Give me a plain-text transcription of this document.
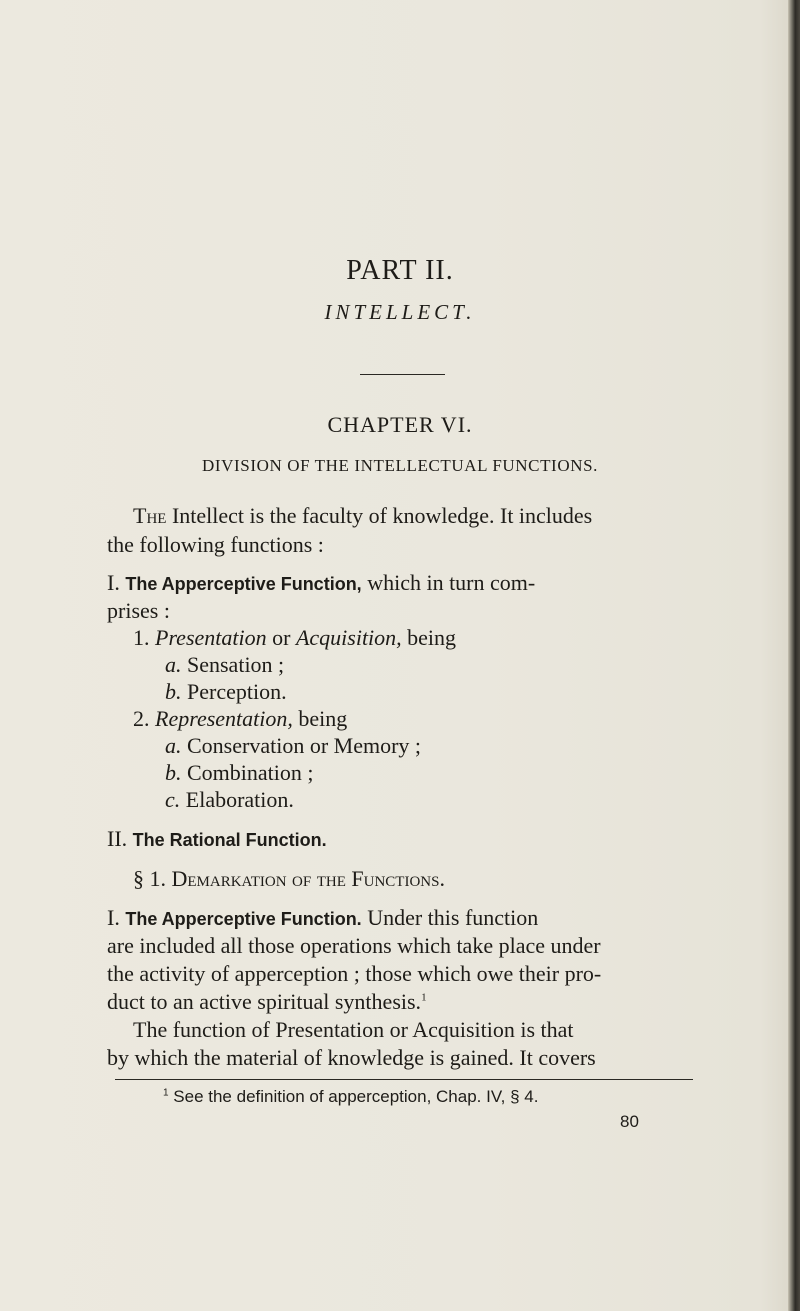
PART II.
INTELLECT.
CHAPTER VI.
DIVISION OF THE INTELLECTUAL FUNCTIONS.
The Intellect is the faculty of knowledge. It includes
the following functions :
I. The Apperceptive Function, which in turn com-
prises :
1. Presentation or Acquisition, being
a. Sensation ;
b. Perception.
2. Representation, being
a. Conservation or Memory ;
b. Combination ;
c. Elaboration.
II. The Rational Function.
§ 1. Demarkation of the Functions.
I. The Apperceptive Function. Under this function
are included all those operations which take place under
the activity of apperception ; those which owe their pro-
duct to an active spiritual synthesis.$^1$
The function of Presentation or Acquisition is that
by which the material of knowledge is gained. It covers
$^1$ See the definition of apperception, Chap. IV, § 4.
80
